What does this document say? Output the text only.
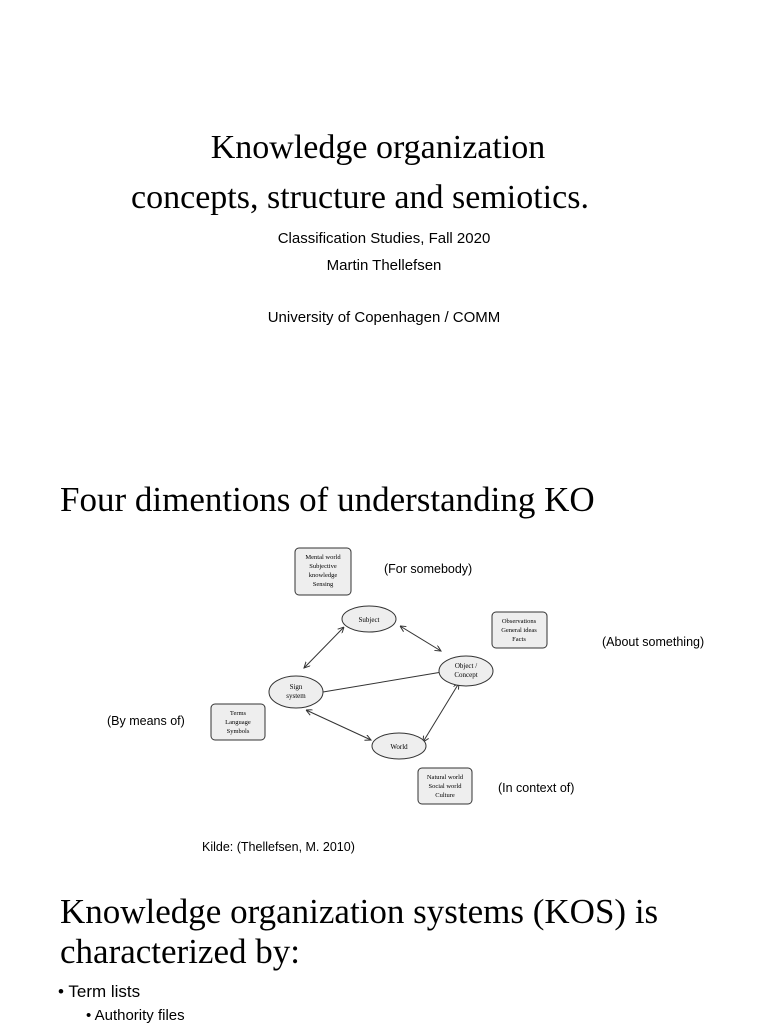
Knowledge organization
concepts, structure and semiotics.
Classification Studies, Fall 2020
Martin Thellefsen
University of Copenhagen / COMM
Four dimentions of understanding KO
Subject
Object /
Concept
Sign
system
World
Mental world
Subjective
knowledge
Sensing
Observations
General ideas
Facts
Terms
Language
Symbols
Natural world
Social world
Culture
(For somebody)
(About something)
(By means of)
(In context of)
Kilde: (Thellefsen, M. 2010)
Knowledge organization systems (KOS) is
characterized by:
• Term lists
• Authority files
